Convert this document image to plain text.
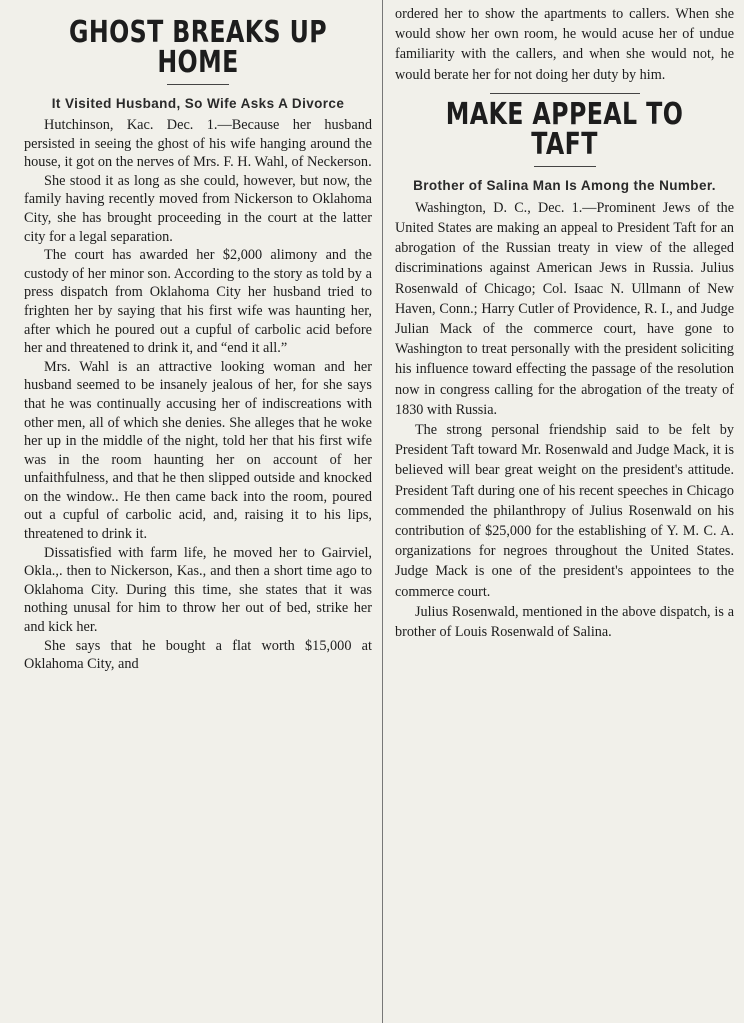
GHOST BREAKS UP HOME

It Visited Husband, So Wife Asks A Divorce

Hutchinson, Kac. Dec. 1.—Because her husband persisted in seeing the ghost of his wife hanging around the house, it got on the nerves of Mrs. F. H. Wahl, of Neckerson.

She stood it as long as she could, however, but now, the family having recently moved from Nickerson to Oklahoma City, she has brought proceeding in the court at the latter city for a legal separation.

The court has awarded her $2,000 alimony and the custody of her minor son. According to the story as told by a press dispatch from Oklahoma City her husband tried to frighten her by saying that his first wife was haunting her, after which he poured out a cupful of carbolic acid before her and threatened to drink it, and “end it all.”

Mrs. Wahl is an attractive looking woman and her husband seemed to be insanely jealous of her, for she says that he was continually accusing her of indiscreations with other men, all of which she denies. She alleges that he woke her up in the middle of the night, told her that his first wife was in the room haunting her on account of her unfaithfulness, and that he then slipped outside and knocked on the window.. He then came back into the room, poured out a cupful of carbolic acid, and, raising it to his lips, threatened to drink it.

Dissatisfied with farm life, he moved her to Gairviel, Okla.,. then to Nickerson, Kas., and then a short time ago to Oklahoma City. During this time, she states that it was nothing unusal for him to throw her out of bed, strike her and kick her.

She says that he bought a flat worth $15,000 at Oklahoma City, and

ordered her to show the apartments to callers. When she would show her own room, he would acuse her of undue familiarity with the callers, and when she would not, he would berate her for not doing her duty by him.

MAKE APPEAL TO TAFT

Brother of Salina Man Is Among the Number.

Washington, D. C., Dec. 1.—Prominent Jews of the United States are making an appeal to President Taft for an abrogation of the Russian treaty in view of the alleged discriminations against American Jews in Russia. Julius Rosenwald of Chicago; Col. Isaac N. Ullmann of New Haven, Conn.; Harry Cutler of Providence, R. I., and Judge Julian Mack of the commerce court, have gone to Washington to treat personally with the president soliciting his influence toward effecting the passage of the resolution now in congress calling for the abrogation of the treaty of 1830 with Russia.

The strong personal friendship said to be felt by President Taft toward Mr. Rosenwald and Judge Mack, it is believed will bear great weight on the president's attitude. President Taft during one of his recent speeches in Chicago commended the philanthropy of Julius Rosenwald on his contribution of $25,000 for the establishing of Y. M. C. A. organizations for negroes throughout the United States. Judge Mack is one of the president's appointees to the commerce court.

Julius Rosenwald, mentioned in the above dispatch, is a brother of Louis Rosenwald of Salina.
